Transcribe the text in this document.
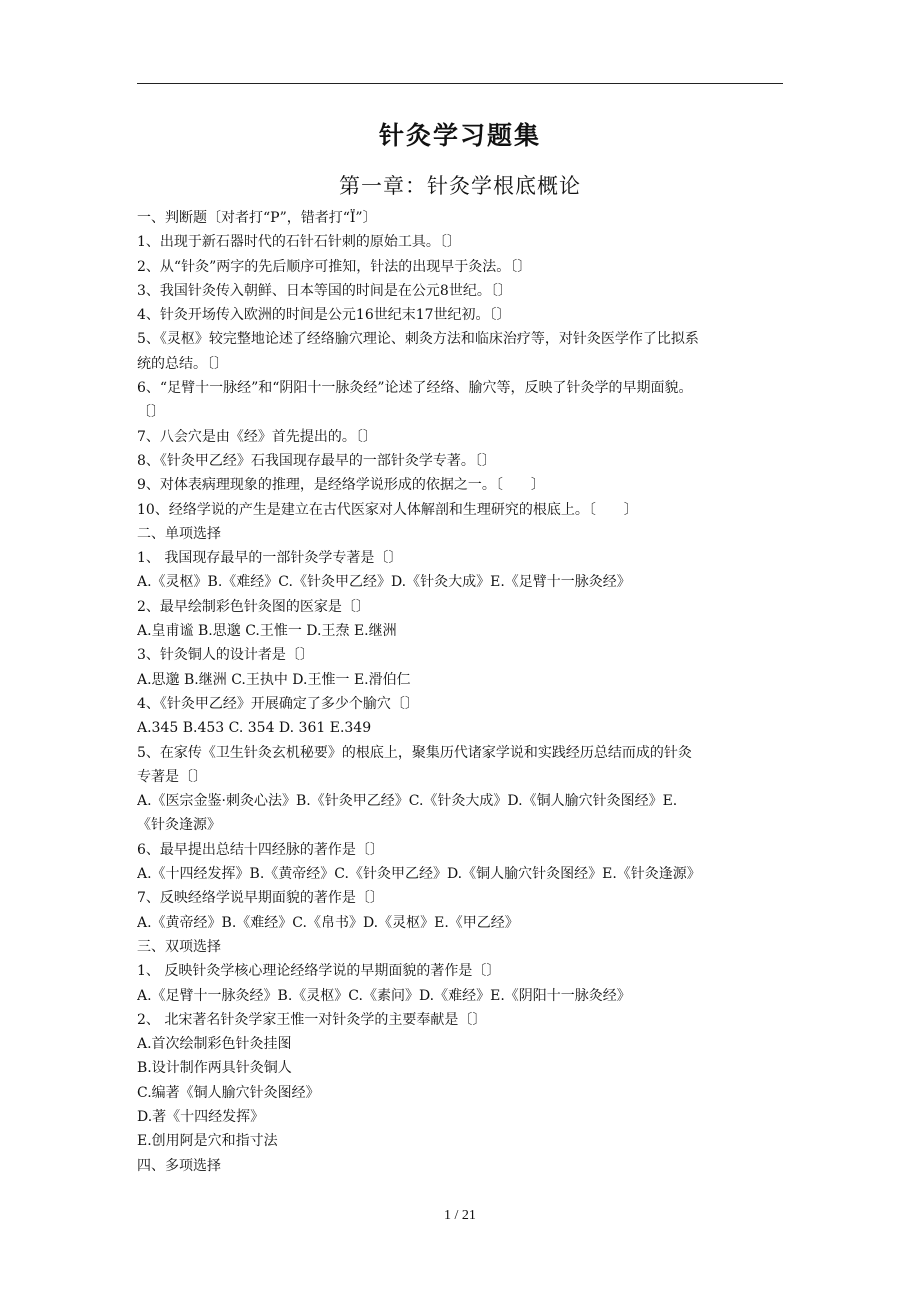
针灸学习题集
第一章：针灸学根底概论
一、判断题〔对者打“P”，错者打“Ï”〕
1、出现于新石器时代的石针石针刺的原始工具。〔〕
2、从“针灸”两字的先后顺序可推知，针法的出现早于灸法。〔〕
3、我国针灸传入朝鲜、日本等国的时间是在公元8世纪。〔〕
4、针灸开场传入欧洲的时间是公元16世纪末17世纪初。〔〕
5、《灵枢》较完整地论述了经络腧穴理论、刺灸方法和临床治疗等，对针灸医学作了比拟系
统的总结。〔〕
6、“足臂十一脉经”和“阴阳十一脉灸经”论述了经络、腧穴等，反映了针灸学的早期面貌。
〔〕
7、八会穴是由《经》首先提出的。〔〕
8、《针灸甲乙经》石我国现存最早的一部针灸学专著。〔〕
9、对体表病理现象的推理，是经络学说形成的依据之一。〔　　〕
10、经络学说的产生是建立在古代医家对人体解剖和生理研究的根底上。〔　　〕
二、单项选择
1、 我国现存最早的一部针灸学专著是〔〕
A.《灵枢》B.《难经》C.《针灸甲乙经》D.《针灸大成》E.《足臂十一脉灸经》
2、最早绘制彩色针灸图的医家是〔〕
A.皇甫谧 B.思邈 C.王惟一 D.王焘 E.继洲
3、针灸铜人的设计者是〔〕
A.思邈 B.继洲 C.王执中 D.王惟一 E.滑伯仁
4、《针灸甲乙经》开展确定了多少个腧穴〔〕
A.345 B.453 C. 354 D. 361 E.349
5、在家传《卫生针灸玄机秘要》的根底上，聚集历代诸家学说和实践经历总结而成的针灸
专著是〔〕
A.《医宗金鉴·刺灸心法》B.《针灸甲乙经》C.《针灸大成》D.《铜人腧穴针灸图经》E.
《针灸逢源》
6、最早提出总结十四经脉的著作是〔〕
A.《十四经发挥》B.《黄帝经》C.《针灸甲乙经》D.《铜人腧穴针灸图经》E.《针灸逢源》
7、反映经络学说早期面貌的著作是〔〕
A.《黄帝经》B.《难经》C.《帛书》D.《灵枢》E.《甲乙经》
三、双项选择
1、 反映针灸学核心理论经络学说的早期面貌的著作是〔〕
A.《足臂十一脉灸经》B.《灵枢》C.《素问》D.《难经》E.《阴阳十一脉灸经》
2、 北宋著名针灸学家王惟一对针灸学的主要奉献是〔〕
A.首次绘制彩色针灸挂图
B.设计制作两具针灸铜人
C.编著《铜人腧穴针灸图经》
D.著《十四经发挥》
E.创用阿是穴和指寸法
四、多项选择
1 / 21
